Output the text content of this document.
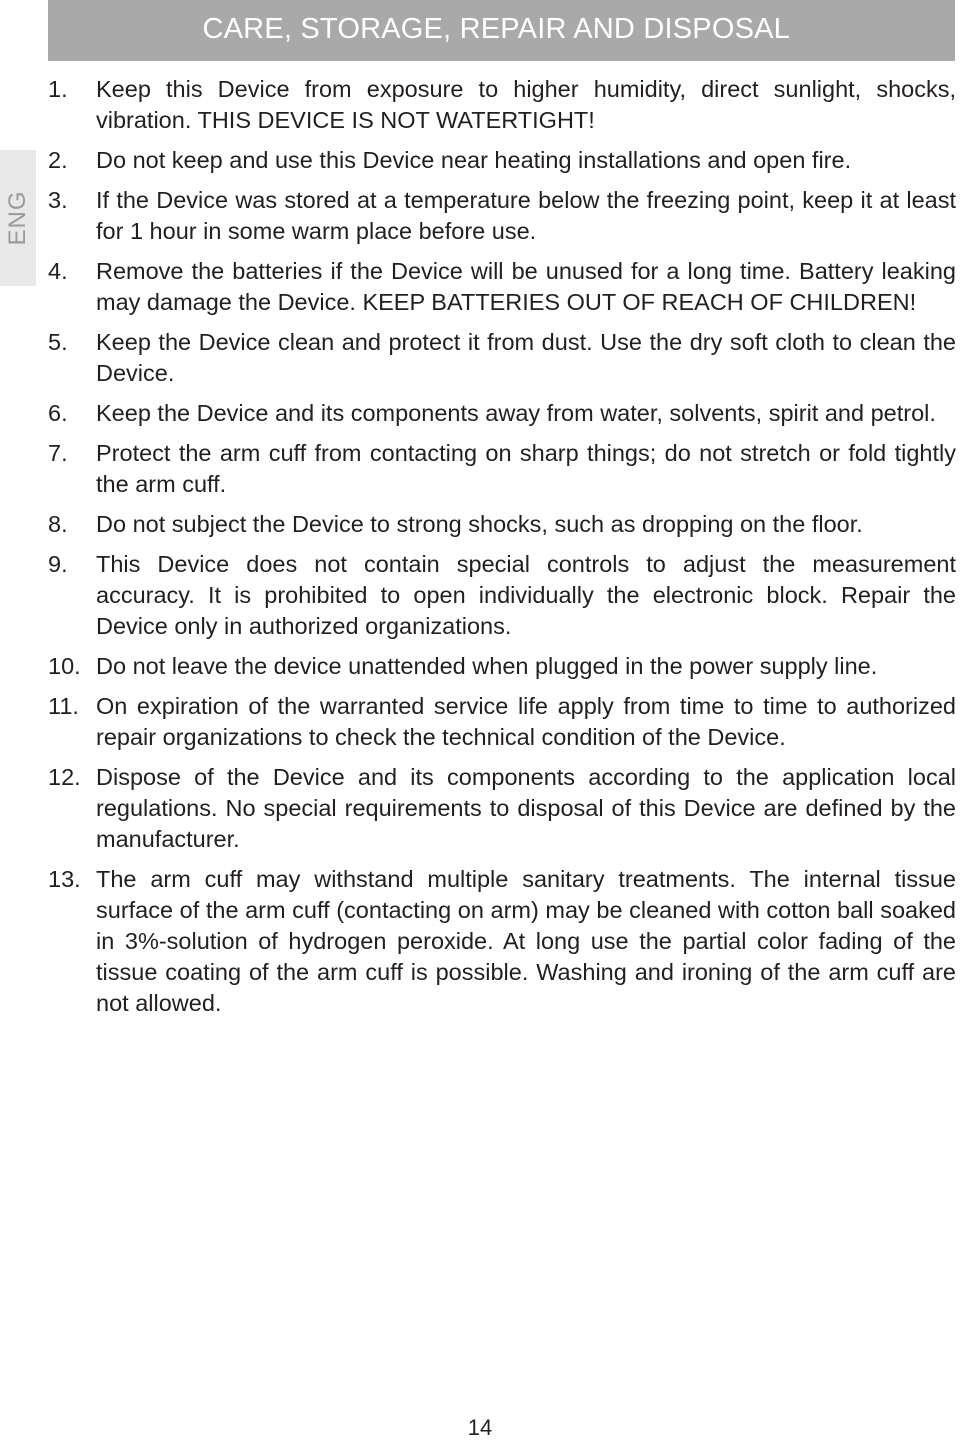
CARE, STORAGE, REPAIR AND DISPOSAL
ENG
1.	Keep this Device from exposure to higher humidity, direct sunlight, shocks, vibration. THIS DEVICE IS NOT WATERTIGHT!
2.	Do not keep and use this Device near heating installations and open fire.
3.	If the Device was stored at a temperature below the freezing point, keep it at least for 1 hour in some warm place before use.
4.	Remove the batteries if the Device will be unused for a long time. Battery leaking may damage the Device. KEEP BATTERIES OUT OF REACH OF CHILDREN!
5.	Keep the Device clean and protect it from dust. Use the dry soft cloth to clean the Device.
6.	Keep the Device and its components away from water, solvents, spirit and petrol.
7.	Protect the arm cuff from contacting on sharp things; do not stretch or fold tightly the arm cuff.
8.	Do not subject the Device to strong shocks, such as dropping on the floor.
9.	This Device does not contain special controls to adjust the measurement accuracy. It is prohibited to open individually the electronic block. Repair the Device only in authorized organizations.
10. Do not leave the device unattended when plugged in the power supply line.
11. On expiration of the warranted service life apply from time to time to authorized repair organizations to check the technical condition of the Device.
12. Dispose of the Device and its components according to the application local regulations. No special requirements to disposal of this Device are defined by the manufacturer.
13. The arm cuff may withstand multiple sanitary treatments. The internal tissue surface of the arm cuff (contacting on arm) may be cleaned with cotton ball soaked in 3%-solution of hydrogen peroxide. At long use the partial color fading of the tissue coating of the arm cuff is possible. Washing and ironing of the arm cuff are not allowed.
14
